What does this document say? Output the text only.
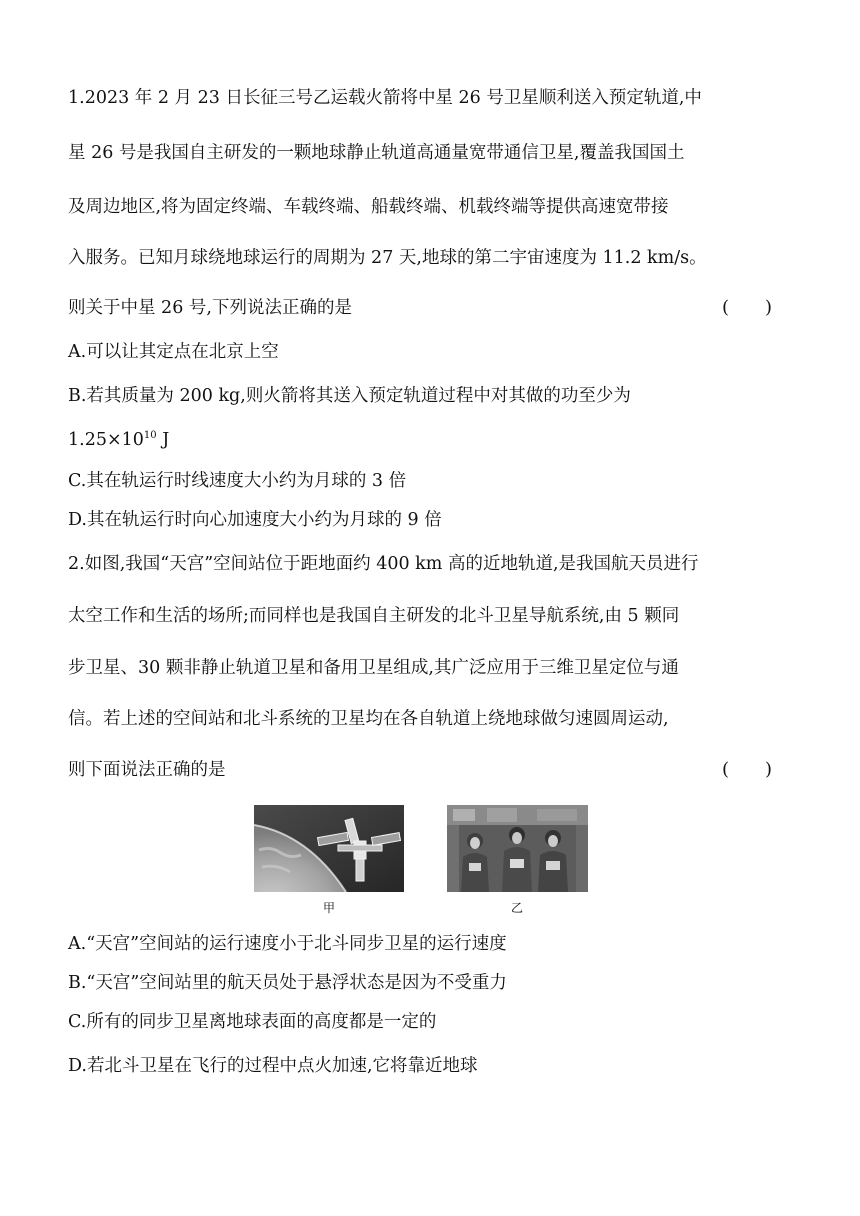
1.2023 年 2 月 23 日长征三号乙运载火箭将中星 26 号卫星顺利送入预定轨道,中
星 26 号是我国自主研发的一颗地球静止轨道高通量宽带通信卫星,覆盖我国国土
及周边地区,将为固定终端、车载终端、船载终端、机载终端等提供高速宽带接
入服务。已知月球绕地球运行的周期为 27 天,地球的第二宇宙速度为 11.2 km/s。
则关于中星 26 号,下列说法正确的是	(　　)
A.可以让其定点在北京上空
B.若其质量为 200 kg,则火箭将其送入预定轨道过程中对其做的功至少为
$1.25\times 10^{10}$ J
C.其在轨运行时线速度大小约为月球的 3 倍
D.其在轨运行时向心加速度大小约为月球的 9 倍
2.如图,我国“天宫”空间站位于距地面约 400 km 高的近地轨道,是我国航天员进行
太空工作和生活的场所;而同样也是我国自主研发的北斗卫星导航系统,由 5 颗同
步卫星、30 颗非静止轨道卫星和备用卫星组成,其广泛应用于三维卫星定位与通
信。若上述的空间站和北斗系统的卫星均在各自轨道上绕地球做匀速圆周运动,
则下面说法正确的是	(　　)
甲	乙
A.“天宫”空间站的运行速度小于北斗同步卫星的运行速度
B.“天宫”空间站里的航天员处于悬浮状态是因为不受重力
C.所有的同步卫星离地球表面的高度都是一定的
D.若北斗卫星在飞行的过程中点火加速,它将靠近地球
